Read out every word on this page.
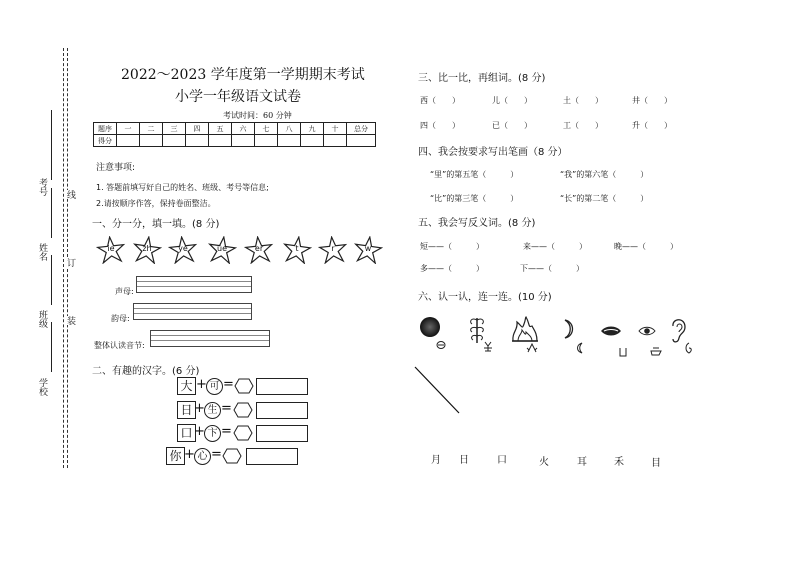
考号
姓名
班级
学校
线
订
装
2022～2023 学年度第一学期期末考试
小学一年级语文试卷
考试时间：60 分钟
题序	一	二	三	四	五	六	七	八	九	十	总分
得分											
注意事项:
1. 答题前填写好自己的姓名、班级、考号等信息;
2.请按顺序作答，保持卷面整洁。
一、分一分，填一填。(8 分)
ie	zh	ye	üe	er	t	r	w
声母:
韵母:
整体认读音节:
二、有趣的汉字。(6 分)
大 + 可 =
日 + 生 =
口 + 卞 =
你 + 心 =
三、比一比，再组词。(8 分)
西（　　）	儿（　　）	土（　　）	井（　　）
四（　　）	已（　　）	工（　　）	升（　　）
四、我会按要求写出笔画（8 分）
“里”的第五笔（　　　）	“我”的第六笔（　　　）
“比”的第三笔（　　　）	“长”的第二笔（　　　）
五、我会写反义词。(8 分)
短——（　　　）	来——（　　　）	晚——（　　　）
多——（　　　）	下——（　　　）
六、认一认，连一连。(10 分)
月 日	口	火	耳	禾	目
